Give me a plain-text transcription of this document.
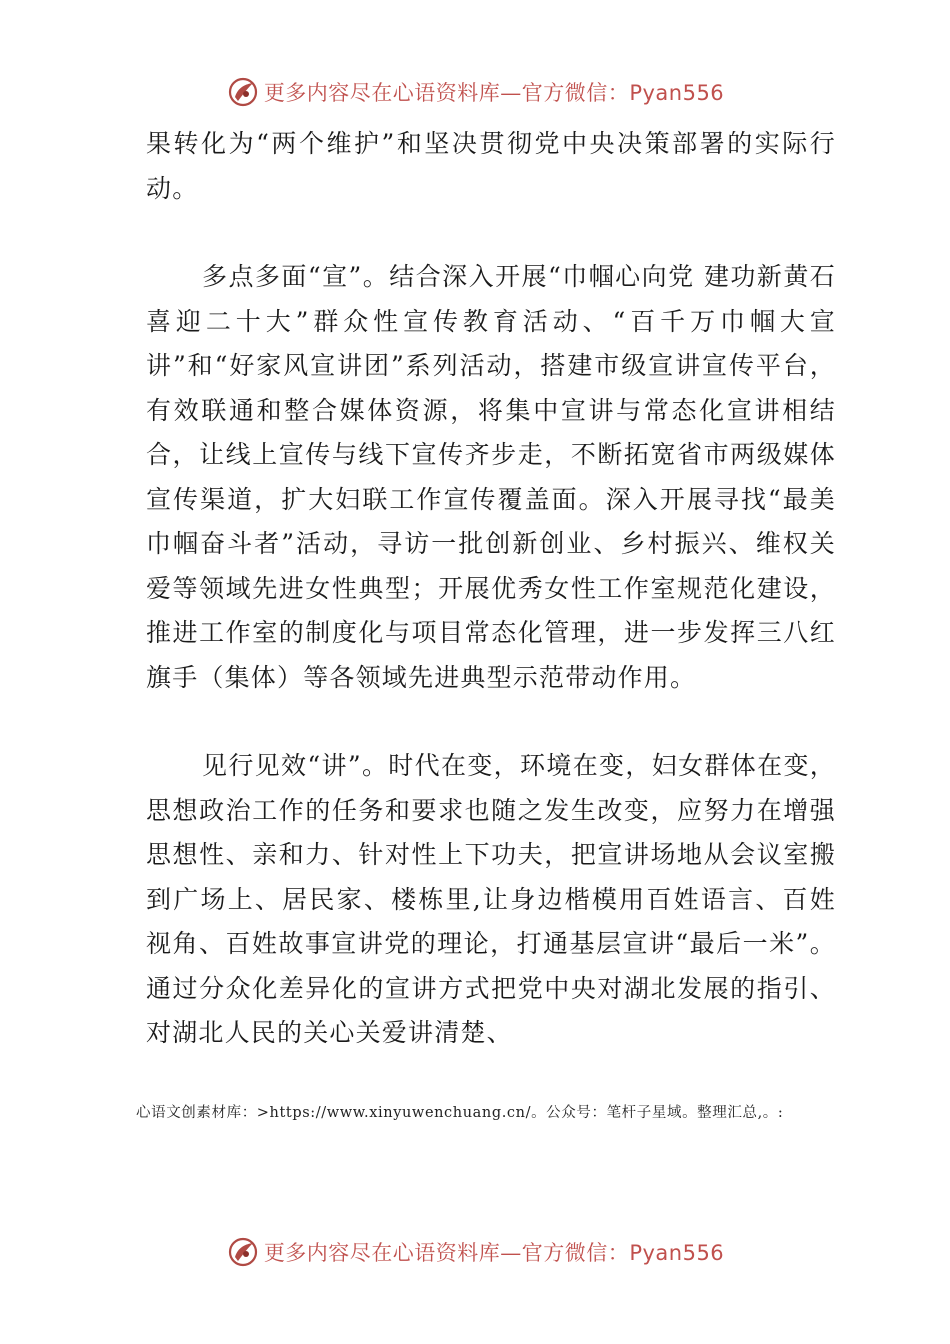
更多内容尽在心语资料库—官方微信：Pyan556

果转化为“两个维护”和坚决贯彻党中央决策部署的实际行动。

多点多面“宣”。结合深入开展“巾帼心向党 建功新黄石 喜迎二十大”群众性宣传教育活动、“百千万巾帼大宣讲”和“好家风宣讲团”系列活动，搭建市级宣讲宣传平台，有效联通和整合媒体资源，将集中宣讲与常态化宣讲相结合，让线上宣传与线下宣传齐步走，不断拓宽省市两级媒体宣传渠道，扩大妇联工作宣传覆盖面。深入开展寻找“最美巾帼奋斗者”活动，寻访一批创新创业、乡村振兴、维权关爱等领域先进女性典型；开展优秀女性工作室规范化建设，推进工作室的制度化与项目常态化管理，进一步发挥三八红旗手（集体）等各领域先进典型示范带动作用。

见行见效“讲”。时代在变，环境在变，妇女群体在变，思想政治工作的任务和要求也随之发生改变，应努力在增强思想性、亲和力、针对性上下功夫，把宣讲场地从会议室搬到广场上、居民家、楼栋里,让身边楷模用百姓语言、百姓视角、百姓故事宣讲党的理论，打通基层宣讲“最后一米”。通过分众化差异化的宣讲方式把党中央对湖北发展的指引、对湖北人民的关心关爱讲清楚、

心语文创素材库：>https://www.xinyuwenchuang.cn/。公众号：笔杆子星域。整理汇总,。:
更多内容尽在心语资料库—官方微信：Pyan556
